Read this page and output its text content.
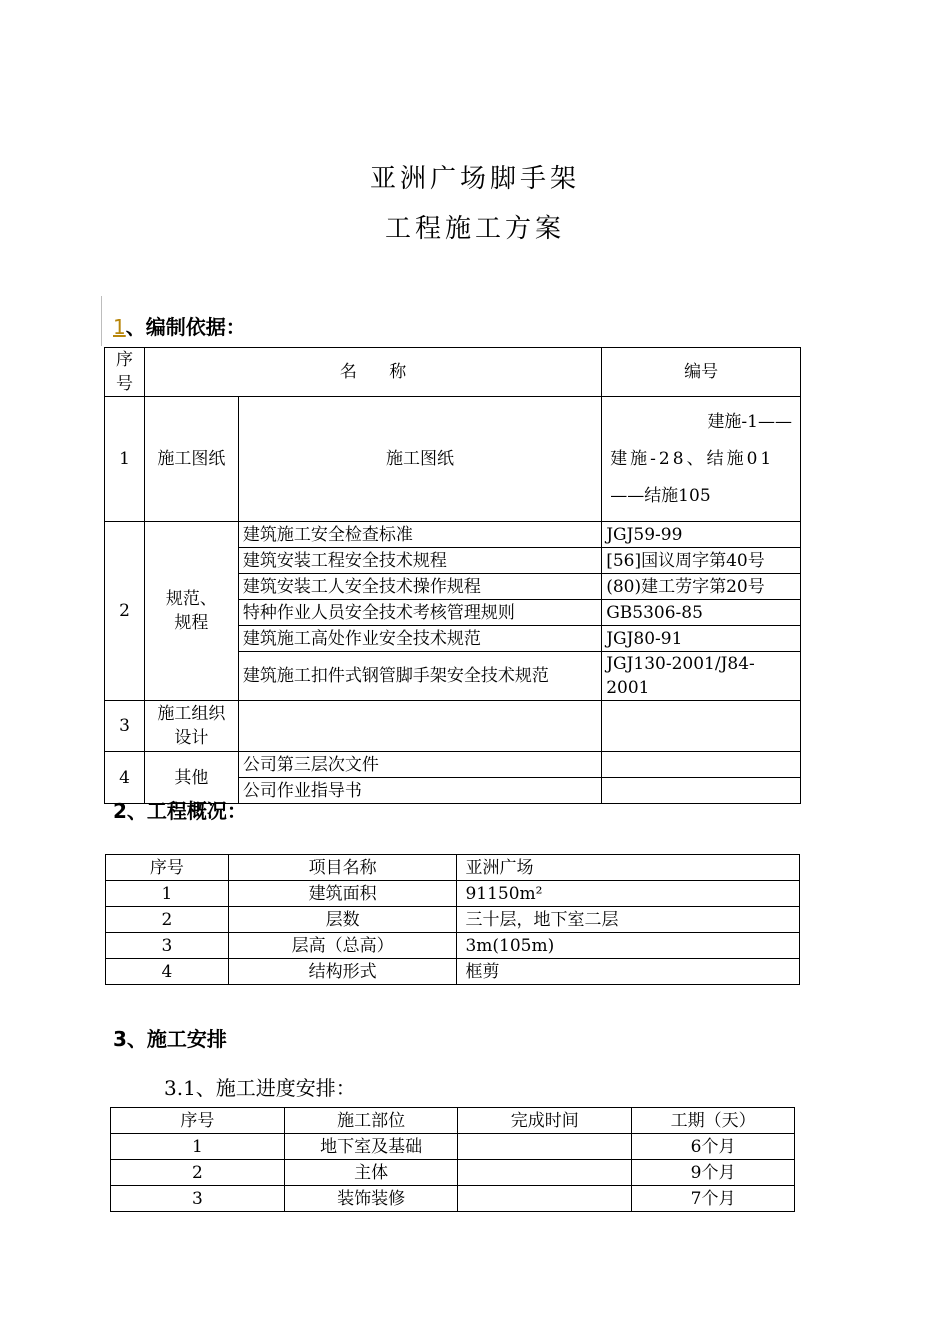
亚洲广场脚手架
工程施工方案
1、编制依据：
序号	名      称		编号
1	施工图纸	施工图纸	建施-1——
建施-28、结施01
——结施105

2	规范、规程	建筑施工安全检查标准	JGJ59-99
		建筑安装工程安全技术规程	[56]国议周字第40号
		建筑安装工人安全技术操作规程	(80)建工劳字第20号
		特种作业人员安全技术考核管理规则	GB5306-85
		建筑施工高处作业安全技术规范	JGJ80-91
		建筑施工扣件式钢管脚手架安全技术规范	JGJ130-2001/J84-2001
3	施工组织设计		
4	其他	公司第三层次文件	
		公司作业指导书	
2、工程概况：
序号	项目名称	亚洲广场
1	建筑面积	91150m²
2	层数	三十层，地下室二层
3	层高（总高）	3m(105m)
4	结构形式	框剪
3、施工安排
3.1、施工进度安排：
序号	施工部位	完成时间	工期（天）
1	地下室及基础		6个月
2	主体		9个月
3	装饰装修		7个月
